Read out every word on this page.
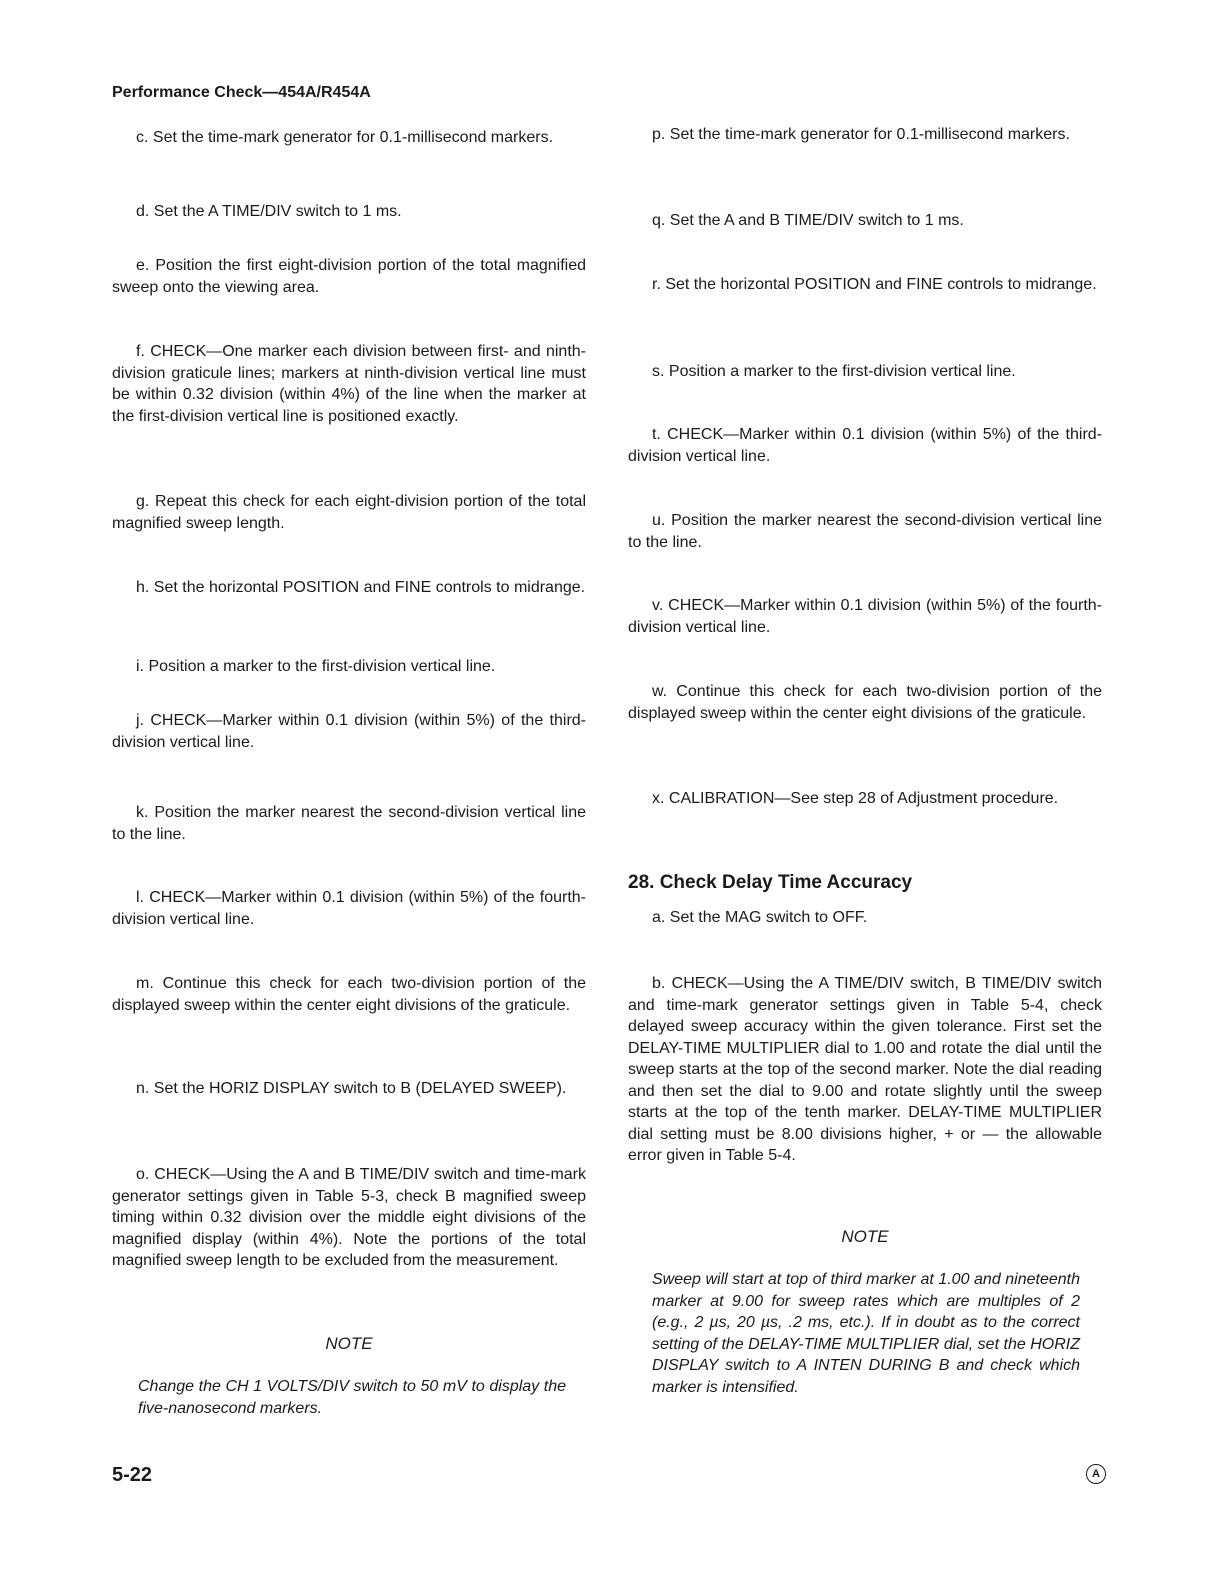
Performance Check—454A/R454A

c. Set the time-mark generator for 0.1-millisecond markers.

d. Set the A TIME/DIV switch to 1 ms.

e. Position the first eight-division portion of the total magnified sweep onto the viewing area.

f. CHECK—One marker each division between first- and ninth-division graticule lines; markers at ninth-division vertical line must be within 0.32 division (within 4%) of the line when the marker at the first-division vertical line is positioned exactly.

g. Repeat this check for each eight-division portion of the total magnified sweep length.

h. Set the horizontal POSITION and FINE controls to midrange.

i. Position a marker to the first-division vertical line.

j. CHECK—Marker within 0.1 division (within 5%) of the third-division vertical line.

k. Position the marker nearest the second-division vertical line to the line.

l. CHECK—Marker within 0.1 division (within 5%) of the fourth-division vertical line.

m. Continue this check for each two-division portion of the displayed sweep within the center eight divisions of the graticule.

n. Set the HORIZ DISPLAY switch to B (DELAYED SWEEP).

o. CHECK—Using the A and B TIME/DIV switch and time-mark generator settings given in Table 5-3, check B magnified sweep timing within 0.32 division over the middle eight divisions of the magnified display (within 4%). Note the portions of the total magnified sweep length to be excluded from the measurement.

NOTE

Change the CH 1 VOLTS/DIV switch to 50 mV to display the five-nanosecond markers.

p. Set the time-mark generator for 0.1-millisecond markers.

q. Set the A and B TIME/DIV switch to 1 ms.

r. Set the horizontal POSITION and FINE controls to midrange.

s. Position a marker to the first-division vertical line.

t. CHECK—Marker within 0.1 division (within 5%) of the third-division vertical line.

u. Position the marker nearest the second-division vertical line to the line.

v. CHECK—Marker within 0.1 division (within 5%) of the fourth-division vertical line.

w. Continue this check for each two-division portion of the displayed sweep within the center eight divisions of the graticule.

x. CALIBRATION—See step 28 of Adjustment procedure.

28. Check Delay Time Accuracy

a. Set the MAG switch to OFF.

b. CHECK—Using the A TIME/DIV switch, B TIME/DIV switch and time-mark generator settings given in Table 5-4, check delayed sweep accuracy within the given tolerance. First set the DELAY-TIME MULTIPLIER dial to 1.00 and rotate the dial until the sweep starts at the top of the second marker. Note the dial reading and then set the dial to 9.00 and rotate slightly until the sweep starts at the top of the tenth marker. DELAY-TIME MULTIPLIER dial setting must be 8.00 divisions higher, + or — the allowable error given in Table 5-4.

NOTE

Sweep will start at top of third marker at 1.00 and nineteenth marker at 9.00 for sweep rates which are multiples of 2 (e.g., 2 µs, 20 µs, .2 ms, etc.). If in doubt as to the correct setting of the DELAY-TIME MULTIPLIER dial, set the HORIZ DISPLAY switch to A INTEN DURING B and check which marker is intensified.

5-22	A
